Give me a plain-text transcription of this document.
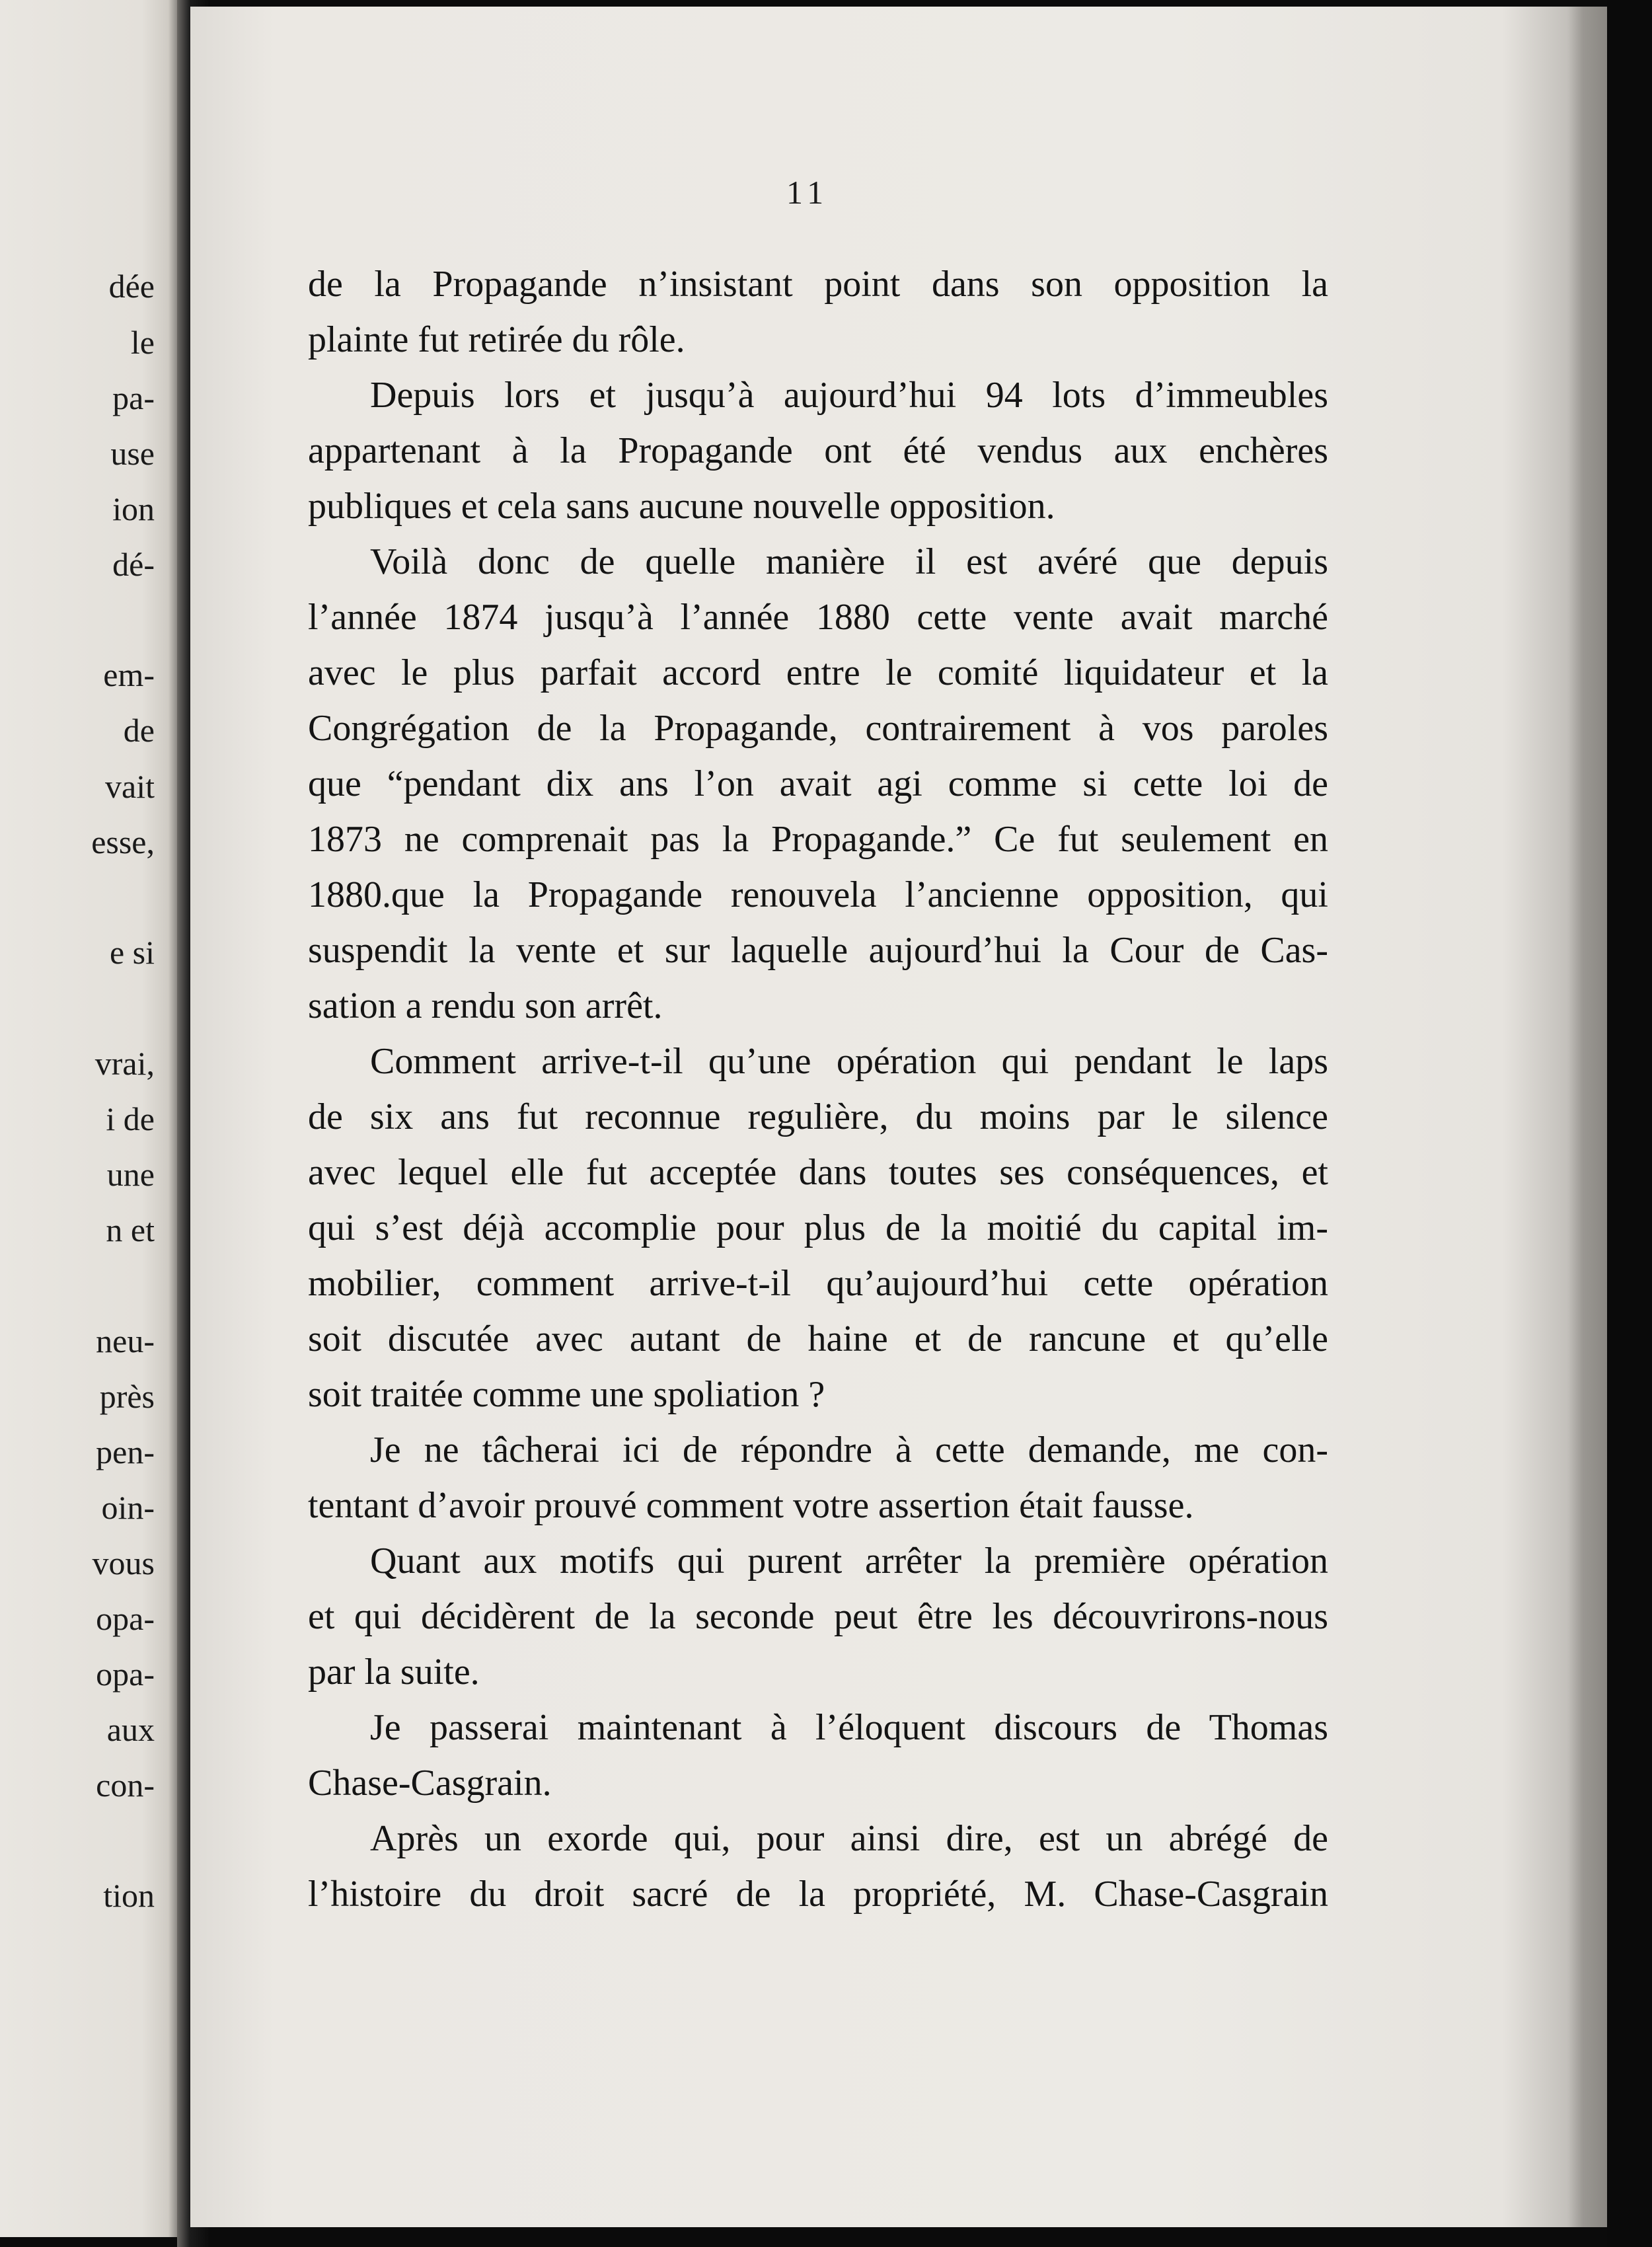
dée
le
pa-
use
ion
dé-
em-
de
vait
esse,
e si
vrai,
i de
une
n et
neu-
près
pen-
oin-
vous
opa-
opa-
aux
con-
tion
11
de la Propagande n’insistant point dans son opposition la
plainte fut retirée du rôle.
Depuis lors et jusqu’à aujourd’hui 94 lots d’immeubles
appartenant à la Propagande ont été vendus aux enchères
publiques et cela sans aucune nouvelle opposition.
Voilà donc de quelle manière il est avéré que depuis
l’année 1874 jusqu’à l’année 1880 cette vente avait marché
avec le plus parfait accord entre le comité liquidateur et la
Congrégation de la Propagande, contrairement à vos paroles
que “pendant dix ans l’on avait agi comme si cette loi de
1873 ne comprenait pas la Propagande.” Ce fut seulement en
1880.que la Propagande renouvela l’ancienne opposition, qui
suspendit la vente et sur laquelle aujourd’hui la Cour de Cas-
sation a rendu son arrêt.
Comment arrive-t-il qu’une opération qui pendant le laps
de six ans fut reconnue regulière, du moins par le silence
avec lequel elle fut acceptée dans toutes ses conséquences, et
qui s’est déjà accomplie pour plus de la moitié du capital im-
mobilier, comment arrive-t-il qu’aujourd’hui cette opération
soit discutée avec autant de haine et de rancune et qu’elle
soit traitée comme une spoliation ?
Je ne tâcherai ici de répondre à cette demande, me con-
tentant d’avoir prouvé comment votre assertion était fausse.
Quant aux motifs qui purent arrêter la première opération
et qui décidèrent de la seconde peut être les découvrirons-nous
par la suite.
Je passerai maintenant à l’éloquent discours de Thomas
Chase-Casgrain.
Après un exorde qui, pour ainsi dire, est un abrégé de
l’histoire du droit sacré de la propriété, M. Chase-Casgrain
